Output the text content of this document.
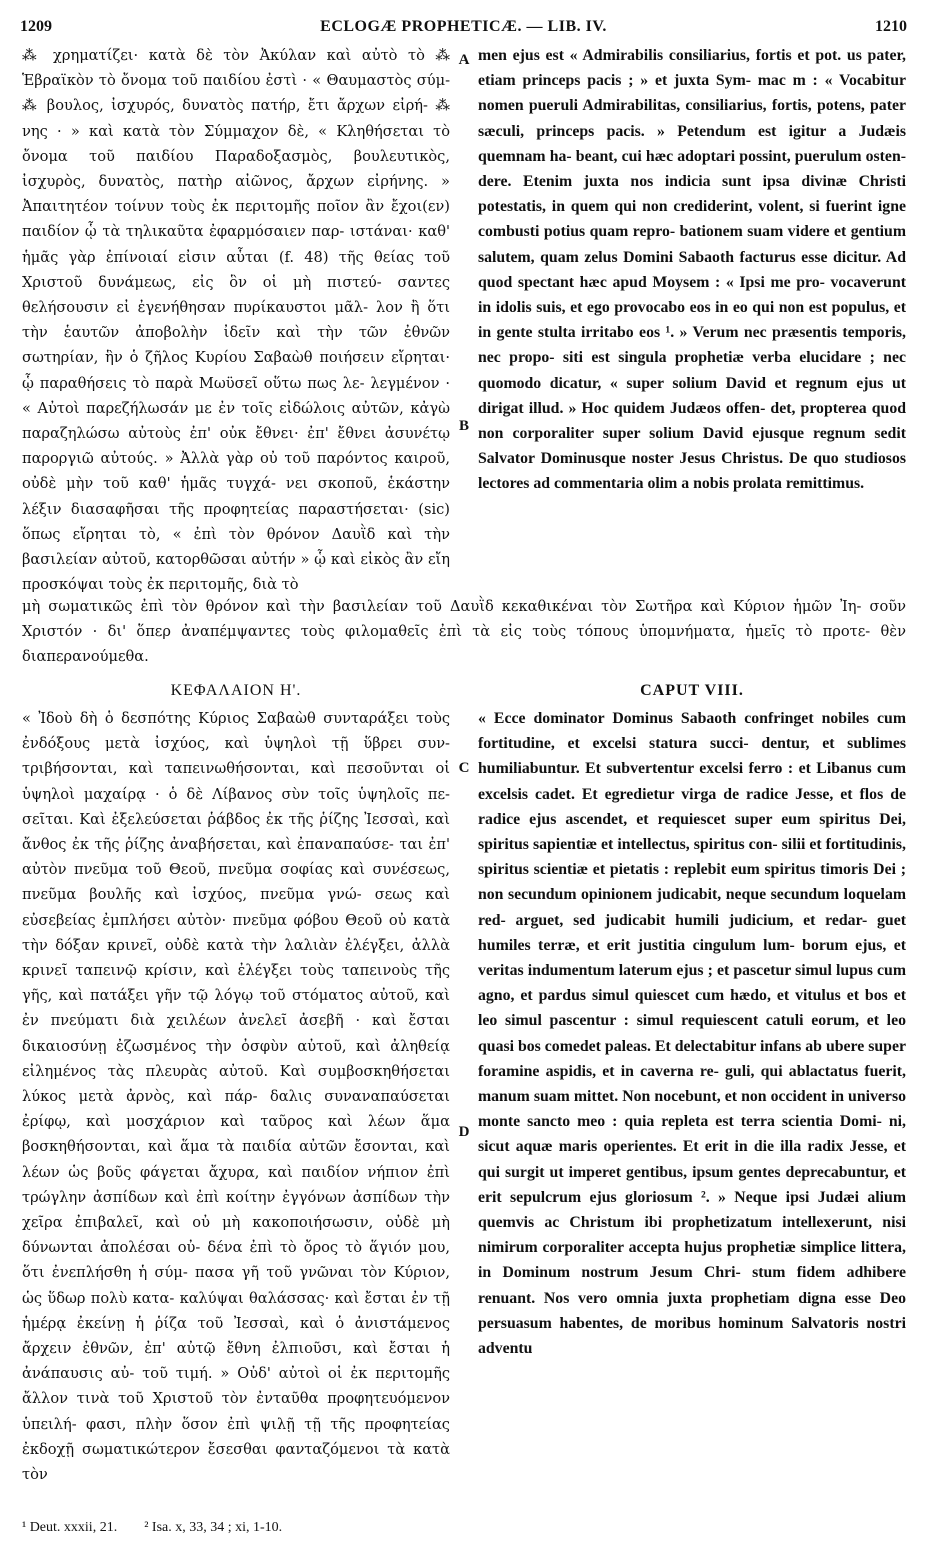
1209	ECLOGÆ PROPHETICÆ. — LIB. IV.	1210

⁂ χρηματίζει· κατὰ δὲ τὸν Ἀκύλαν καὶ αὐτὸ τὸ ⁂ Ἑβραϊκὸν τὸ ὄνομα τοῦ παιδίου ἐστὶ · « Θαυμαστὸς σύμ- ⁂ βουλος, ἰσχυρός, δυνατὸς πατήρ, ἔτι ἄρχων εἰρή- ⁂ νης · » καὶ κατὰ τὸν Σύμμαχον δὲ, « Κληθήσεται τὸ ὄνομα τοῦ παιδίου Παραδοξασμὸς, βουλευτικὸς, ἰσχυρὸς, δυνατὸς, πατὴρ αἰῶνος, ἄρχων εἰρήνης. » Ἀπαιτητέον τοίνυν τοὺς ἐκ περιτομῆς ποῖον ἂν ἔχοι(εν) παιδίον ᾧ τὰ τηλικαῦτα ἐφαρμόσαιεν παρ- ιστάναι· καθ' ἡμᾶς γὰρ ἐπίνοιαί εἰσιν αὗται (f. 48) τῆς θείας τοῦ Χριστοῦ δυνάμεως, εἰς ὃν οἱ μὴ πιστεύ- σαντες θελήσουσιν εἰ ἐγενήθησαν πυρίκαυστοι μᾶλ- λον ἢ ὅτι τὴν ἑαυτῶν ἀποβολὴν ἰδεῖν καὶ τὴν τῶν ἐθνῶν σωτηρίαν, ἣν ὁ ζῆλος Κυρίου Σαβαὼθ ποιήσειν εἴρηται· ᾧ παραθήσεις τὸ παρὰ Μωϋσεῖ οὕτω πως λε- λεγμένον · « Αὐτοὶ παρεζήλωσάν με ἐν τοῖς εἰδώλοις αὐτῶν, κἀγὼ παραζηλώσω αὐτοὺς ἐπ' οὐκ ἔθνει· ἐπ' ἔθνει ἀσυνέτῳ παροργιῶ αὐτούς. » Ἀλλὰ γὰρ οὐ τοῦ παρόντος καιροῦ, οὐδὲ μὴν τοῦ καθ' ἡμᾶς τυγχά- νει σκοποῦ, ἑκάστην λέξιν διασαφῆσαι τῆς προφητείας παραστήσεται· (sic) ὅπως εἴρηται τὸ, « ἐπὶ τὸν θρόνον Δαυῒδ καὶ τὴν βασιλείαν αὐτοῦ, κατορθῶσαι αὐτήν » ᾧ καὶ εἰκὸς ἂν εἴη προσκόψαι τοὺς ἐκ περιτομῆς, διὰ τὸ

men ejus est « Admirabilis consiliarius, fortis et pot. us pater, etiam princeps pacis ; » et juxta Sym- mac m : « Vocabitur nomen pueruli Admirabilitas, consiliarius, fortis, potens, pater sæculi, princeps pacis. » Petendum est igitur a Judæis quemnam ha- beant, cui hæc adoptari possint, puerulum osten- dere. Etenim juxta nos indicia sunt ipsa divinæ Christi potestatis, in quem qui non crediderint, volent, si fuerint igne combusti potius quam repro- bationem suam videre et gentium salutem, quam zelus Domini Sabaoth facturus esse dicitur. Ad quod spectant hæc apud Moysem : « Ipsi me pro- vocaverunt in idolis suis, et ego provocabo eos in eo qui non est populus, et in gente stulta irritabo eos ¹. » Verum nec præsentis temporis, nec propo- siti est singula prophetiæ verba elucidare ; nec quomodo dicatur, « super solium David et regnum ejus ut dirigat illud. » Hoc quidem Judæos offen- det, propterea quod non corporaliter super solium David ejusque regnum sedit Salvator Dominusque noster Jesus Christus. De quo studiosos lectores ad commentaria olim a nobis prolata remittimus.

A
B
C
D
μὴ σωματικῶς ἐπὶ τὸν θρόνον καὶ τὴν βασιλείαν τοῦ Δαυῒδ κεκαθικέναι τὸν Σωτῆρα καὶ Κύριον ἡμῶν Ἰη- σοῦν Χριστόν · δι' ὅπερ ἀναπέμψαντες τοὺς φιλομαθεῖς ἐπὶ τὰ εἰς τοὺς τόπους ὑπομνήματα, ἡμεῖς τὸ προτε- θὲν διαπερανούμεθα.
ΚΕΦΑΛΑΙΟΝ Η'.	CAPUT VIII.

« Ἰδοὺ δὴ ὁ δεσπότης Κύριος Σαβαὼθ συνταράξει τοὺς ἐνδόξους μετὰ ἰσχύος, καὶ ὑψηλοὶ τῇ ὕβρει συν- τριβήσονται, καὶ ταπεινωθήσονται, καὶ πεσοῦνται οἱ ὑψηλοὶ μαχαίρᾳ · ὁ δὲ Λίβανος σὺν τοῖς ὑψηλοῖς πε- σεῖται. Καὶ ἐξελεύσεται ῥάβδος ἐκ τῆς ῥίζης Ἰεσσαὶ, καὶ ἄνθος ἐκ τῆς ῥίζης ἀναβήσεται, καὶ ἐπαναπαύσε- ται ἐπ' αὐτὸν πνεῦμα τοῦ Θεοῦ, πνεῦμα σοφίας καὶ συνέσεως, πνεῦμα βουλῆς καὶ ἰσχύος, πνεῦμα γνώ- σεως καὶ εὐσεβείας ἐμπλήσει αὐτὸν· πνεῦμα φόβου Θεοῦ οὐ κατὰ τὴν δόξαν κρινεῖ, οὐδὲ κατὰ τὴν λαλιὰν ἐλέγξει, ἀλλὰ κρινεῖ ταπεινῷ κρίσιν, καὶ ἐλέγξει τοὺς ταπεινοὺς τῆς γῆς, καὶ πατάξει γῆν τῷ λόγῳ τοῦ στόματος αὐτοῦ, καὶ ἐν πνεύματι διὰ χειλέων ἀνελεῖ ἀσεβῆ · καὶ ἔσται δικαιοσύνῃ ἐζωσμένος τὴν ὀσφὺν αὐτοῦ, καὶ ἀληθείᾳ εἰλημένος τὰς πλευρὰς αὐτοῦ. Καὶ συμβοσκηθήσεται λύκος μετὰ ἀρνὸς, καὶ πάρ- δαλις συναναπαύσεται ἐρίφῳ, καὶ μοσχάριον καὶ ταῦρος καὶ λέων ἅμα βοσκηθήσονται, καὶ ἅμα τὰ παιδία αὐτῶν ἔσονται, καὶ λέων ὡς βοῦς φάγεται ἄχυρα, καὶ παιδίον νήπιον ἐπὶ τρώγλην ἀσπίδων καὶ ἐπὶ κοίτην ἐγγόνων ἀσπίδων τὴν χεῖρα ἐπιβαλεῖ, καὶ οὐ μὴ κακοποιήσωσιν, οὐδὲ μὴ δύνωνται ἀπολέσαι οὐ- δένα ἐπὶ τὸ ὄρος τὸ ἅγιόν μου, ὅτι ἐνεπλήσθη ἡ σύμ- πασα γῆ τοῦ γνῶναι τὸν Κύριον, ὡς ὕδωρ πολὺ κατα- καλύψαι θαλάσσας· καὶ ἔσται ἐν τῇ ἡμέρᾳ ἐκείνῃ ἡ ῥίζα τοῦ Ἰεσσαὶ, καὶ ὁ ἀνιστάμενος ἄρχειν ἐθνῶν, ἐπ' αὐτῷ ἔθνη ἐλπιοῦσι, καὶ ἔσται ἡ ἀνάπαυσις αὐ- τοῦ τιμή. » Οὐδ' αὐτοὶ οἱ ἐκ περιτομῆς ἄλλον τινὰ τοῦ Χριστοῦ τὸν ἐνταῦθα προφητευόμενον ὑπειλή- φασι, πλὴν ὅσον ἐπὶ ψιλῇ τῇ τῆς προφητείας ἐκδοχῇ σωματικώτερον ἔσεσθαι φανταζόμενοι τὰ κατὰ τὸν

« Ecce dominator Dominus Sabaoth confringet nobiles cum fortitudine, et excelsi statura succi- dentur, et sublimes humiliabuntur. Et subvertentur excelsi ferro : et Libanus cum excelsis cadet. Et egredietur virga de radice Jesse, et flos de radice ejus ascendet, et requiescet super eum spiritus Dei, spiritus sapientiæ et intellectus, spiritus con- silii et fortitudinis, spiritus scientiæ et pietatis : replebit eum spiritus timoris Dei ; non secundum opinionem judicabit, neque secundum loquelam red- arguet, sed judicabit humili judicium, et redar- guet humiles terræ, et erit justitia cingulum lum- borum ejus, et veritas indumentum laterum ejus ; et pascetur simul lupus cum agno, et pardus simul quiescet cum hædo, et vitulus et bos et leo simul pascentur : simul requiescent catuli eorum, et leo quasi bos comedet paleas. Et delectabitur infans ab ubere super foramine aspidis, et in caverna re- guli, qui ablactatus fuerit, manum suam mittet. Non nocebunt, et non occident in universo monte sancto meo : quia repleta est terra scientia Domi- ni, sicut aquæ maris operientes. Et erit in die illa radix Jesse, et qui surgit ut imperet gentibus, ipsum gentes deprecabuntur, et erit sepulcrum ejus gloriosum ². » Neque ipsi Judæi alium quemvis ac Christum ibi prophetizatum intellexerunt, nisi nimirum corporaliter accepta hujus prophetiæ simplice littera, in Dominum nostrum Jesum Chri- stum fidem adhibere renuant. Nos vero omnia juxta prophetiam digna esse Deo persuasum habentes, de moribus hominum Salvatoris nostri adventu

¹ Deut. xxxii, 21. ² Isa. x, 33, 34 ; xi, 1-10.
